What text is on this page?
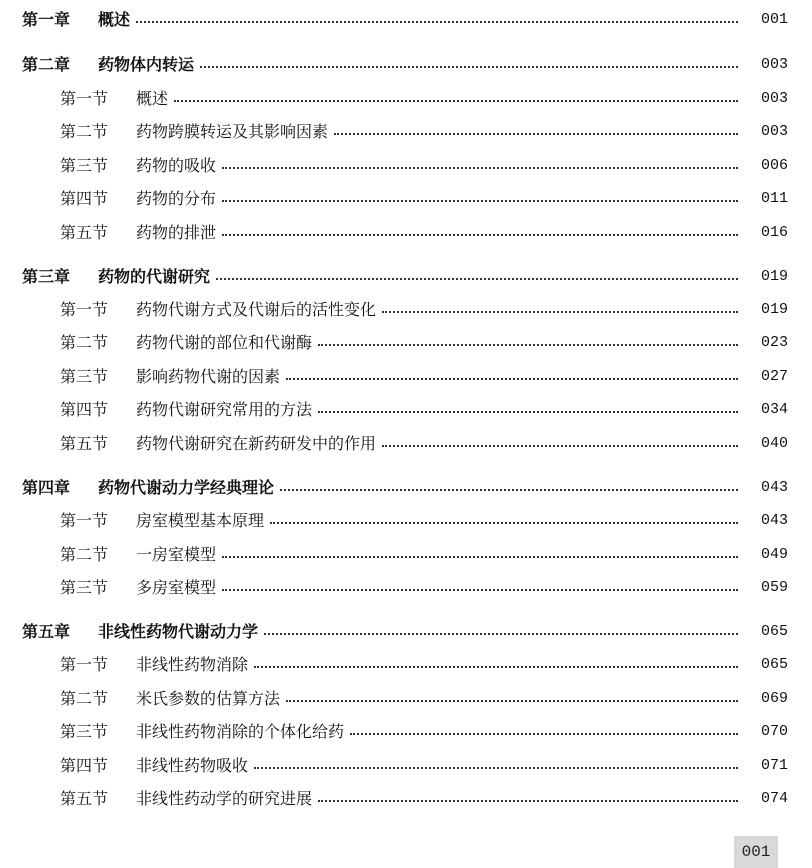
第一章	概述	001
第二章	药物体内转运	003
第一节	概述	003
第二节	药物跨膜转运及其影响因素	003
第三节	药物的吸收	006
第四节	药物的分布	011
第五节	药物的排泄	016
第三章	药物的代谢研究	019
第一节	药物代谢方式及代谢后的活性变化	019
第二节	药物代谢的部位和代谢酶	023
第三节	影响药物代谢的因素	027
第四节	药物代谢研究常用的方法	034
第五节	药物代谢研究在新药研发中的作用	040
第四章	药物代谢动力学经典理论	043
第一节	房室模型基本原理	043
第二节	一房室模型	049
第三节	多房室模型	059
第五章	非线性药物代谢动力学	065
第一节	非线性药物消除	065
第二节	米氏参数的估算方法	069
第三节	非线性药物消除的个体化给药	070
第四节	非线性药物吸收	071
第五节	非线性药动学的研究进展	074
001
